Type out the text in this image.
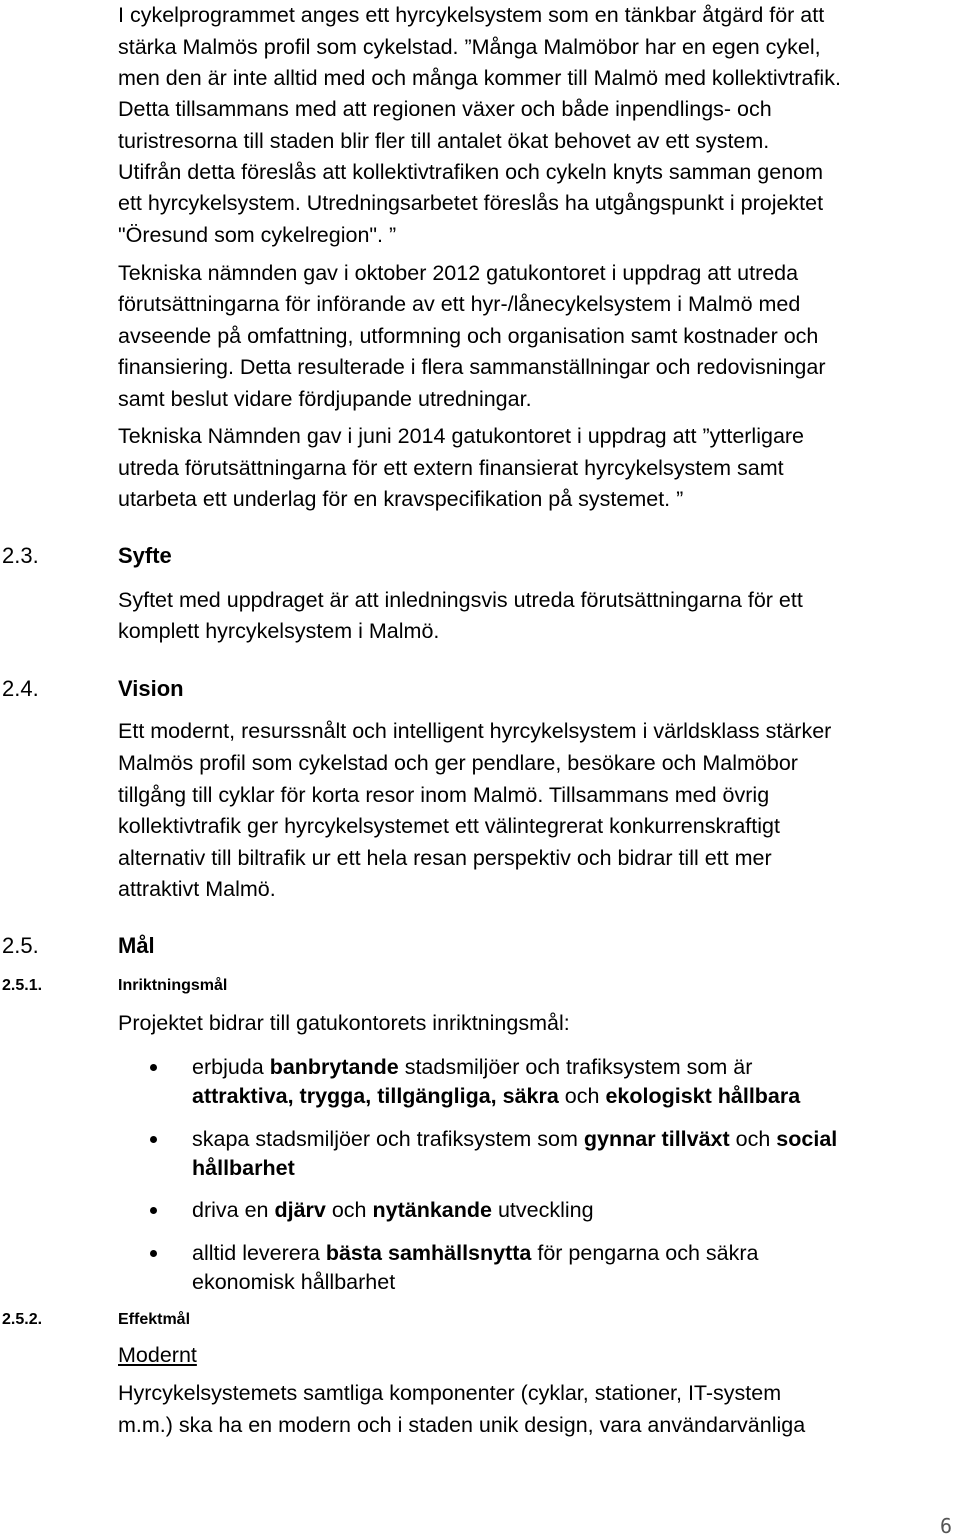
I cykelprogrammet anges ett hyrcykelsystem som en tänkbar åtgärd för att

stärka Malmös profil som cykelstad. ”Många Malmöbor har en egen cykel,

men den är inte alltid med och många kommer till Malmö med kollektivtrafik.

Detta tillsammans med att regionen växer och både inpendlings- och

turistresorna till staden blir fler till antalet ökat behovet av ett system.

Utifrån detta föreslås att kollektivtrafiken och cykeln knyts samman genom

ett hyrcykelsystem. Utredningsarbetet föreslås ha utgångspunkt i projektet

"Öresund som cykelregion". ”

Tekniska nämnden gav i oktober 2012 gatukontoret i uppdrag att utreda

förutsättningarna för införande av ett hyr-/lånecykelsystem i Malmö med

avseende på omfattning, utformning och organisation samt kostnader och

finansiering. Detta resulterade i flera sammanställningar och redovisningar

samt beslut vidare fördjupande utredningar.

Tekniska Nämnden gav i juni 2014 gatukontoret i uppdrag att ”ytterligare

utreda förutsättningarna för ett extern finansierat hyrcykelsystem samt

utarbeta ett underlag för en kravspecifikation på systemet. ”

2.3.	Syfte

Syftet med uppdraget är att inledningsvis utreda förutsättningarna för ett

komplett hyrcykelsystem i Malmö.

2.4.	Vision

Ett modernt, resurssnålt och intelligent hyrcykelsystem i världsklass stärker

Malmös profil som cykelstad och ger pendlare, besökare och Malmöbor

tillgång till cyklar för korta resor inom Malmö. Tillsammans med övrig

kollektivtrafik ger hyrcykelsystemet ett välintegrerat konkurrenskraftigt

alternativ till biltrafik ur ett hela resan perspektiv och bidrar till ett mer

attraktivt Malmö.

2.5.	Mål

2.5.1.	Inriktningsmål

Projektet bidrar till gatukontorets inriktningsmål:

erbjuda banbrytande stadsmiljöer och trafiksystem som är

attraktiva, trygga, tillgängliga, säkra och ekologiskt hållbara

skapa stadsmiljöer och trafiksystem som gynnar tillväxt och social

hållbarhet

driva en djärv och nytänkande utveckling

alltid leverera bästa samhällsnytta för pengarna och säkra

ekonomisk hållbarhet

2.5.2.	Effektmål

Modernt

Hyrcykelsystemets samtliga komponenter (cyklar, stationer, IT-system

m.m.) ska ha en modern och i staden unik design, vara användarvänliga

6
